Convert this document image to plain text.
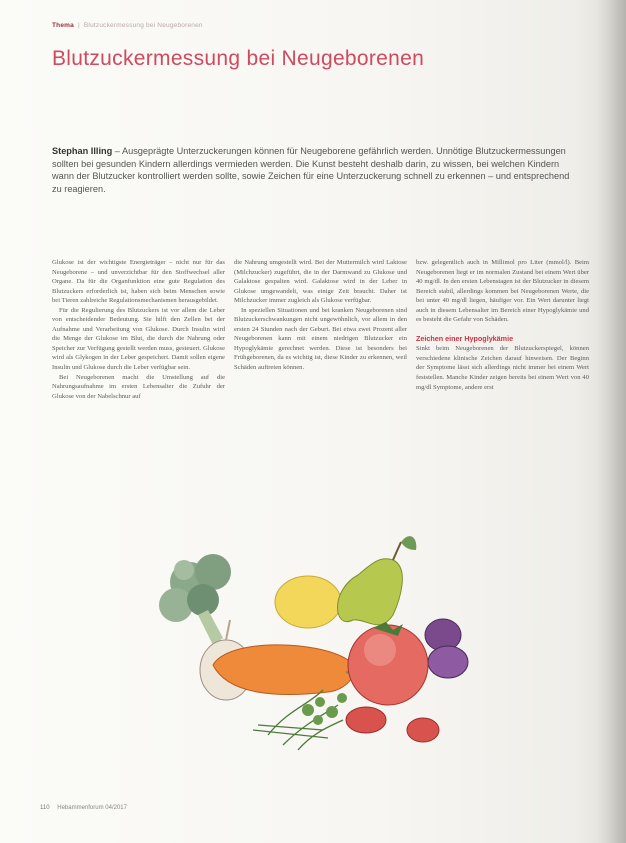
Thema  |  Blutzuckermessung bei Neugeborenen
Blutzuckermessung bei Neugeborenen
Stephan Illing – Ausgeprägte Unterzuckerungen können für Neugeborene gefährlich werden. Unnötige Blutzuckermessungen sollten bei gesunden Kindern allerdings vermieden werden. Die Kunst besteht deshalb darin, zu wissen, bei welchen Kindern wann der Blutzucker kontrolliert werden sollte, sowie Zeichen für eine Unterzuckerung schnell zu erkennen – und entsprechend zu reagieren.

Glukose ist der wichtigste Energieträger – nicht nur für das Neugeborene – und unverzichtbar für den Stoffwechsel aller Organe. Da für die Organfunktion eine gute Regulation des Blutzuckers erforderlich ist, haben sich beim Menschen sowie bei Tieren zahlreiche Regulationsmechanismen herausgebildet.

Für die Regulierung des Blutzuckers ist vor allem die Leber von entscheidender Bedeutung. Sie hilft den Zellen bei der Aufnahme und Verarbeitung von Glukose. Durch Insulin wird die Menge der Glukose im Blut, die durch die Nahrung oder Speicher zur Verfügung gestellt werden muss, gesteuert. Glukose wird als Glykogen in der Leber gespeichert. Damit sollen eigene Insulin und Glukose durch die Leber verfügbar sein.

Bei Neugeborenen macht die Umstellung auf die Nahrungsaufnahme im ersten Lebensalter die Zufuhr der Glukose von der Nabelschnur auf

die Nahrung umgestellt wird. Bei der Muttermilch wird Laktose (Milchzucker) zugeführt, die in der Darmwand zu Glukose und Galaktose gespalten wird. Galaktose wird in der Leber in Glukose umgewandelt, was einige Zeit braucht. Daher ist Milchzucker immer zugleich als Glukose verfügbar.

In speziellen Situationen und bei kranken Neugeborenen sind Blutzuckerschwankungen nicht ungewöhnlich, vor allem in den ersten 24 Stunden nach der Geburt. Bei etwa zwei Prozent aller Neugeborenen kann mit einem niedrigen Blutzucker ein Hypoglykämie gerechnet werden. Diese ist besonders bei Frühgeborenen, da es wichtig ist, diese Kinder zu erkennen, weil Schäden auftreten können.

bzw. gelegentlich auch in Millimol pro Liter (mmol/l). Beim Neugeborenen liegt er im normalen Zustand bei einem Wert über 40 mg/dl. In den ersten Lebenstagen ist der Blutzucker in diesem Bereich stabil, allerdings kommen bei Neugeborenen Werte, die bei unter 40 mg/dl liegen, häufiger vor. Ein Wert darunter liegt auch in diesem Lebensalter im Bereich einer Hypoglykämie und es besteht die Gefahr von Schäden.

Zeichen einer Hypoglykämie

Sinkt beim Neugeborenen der Blutzuckerspiegel, können verschiedene klinische Zeichen darauf hinweisen. Der Beginn der Symptome lässt sich allerdings nicht immer bei einem Wert feststellen. Manche Kinder zeigen bereits bei einem Wert von 40 mg/dl Symptome, andere erst

110 Hebammenforum 04/2017
